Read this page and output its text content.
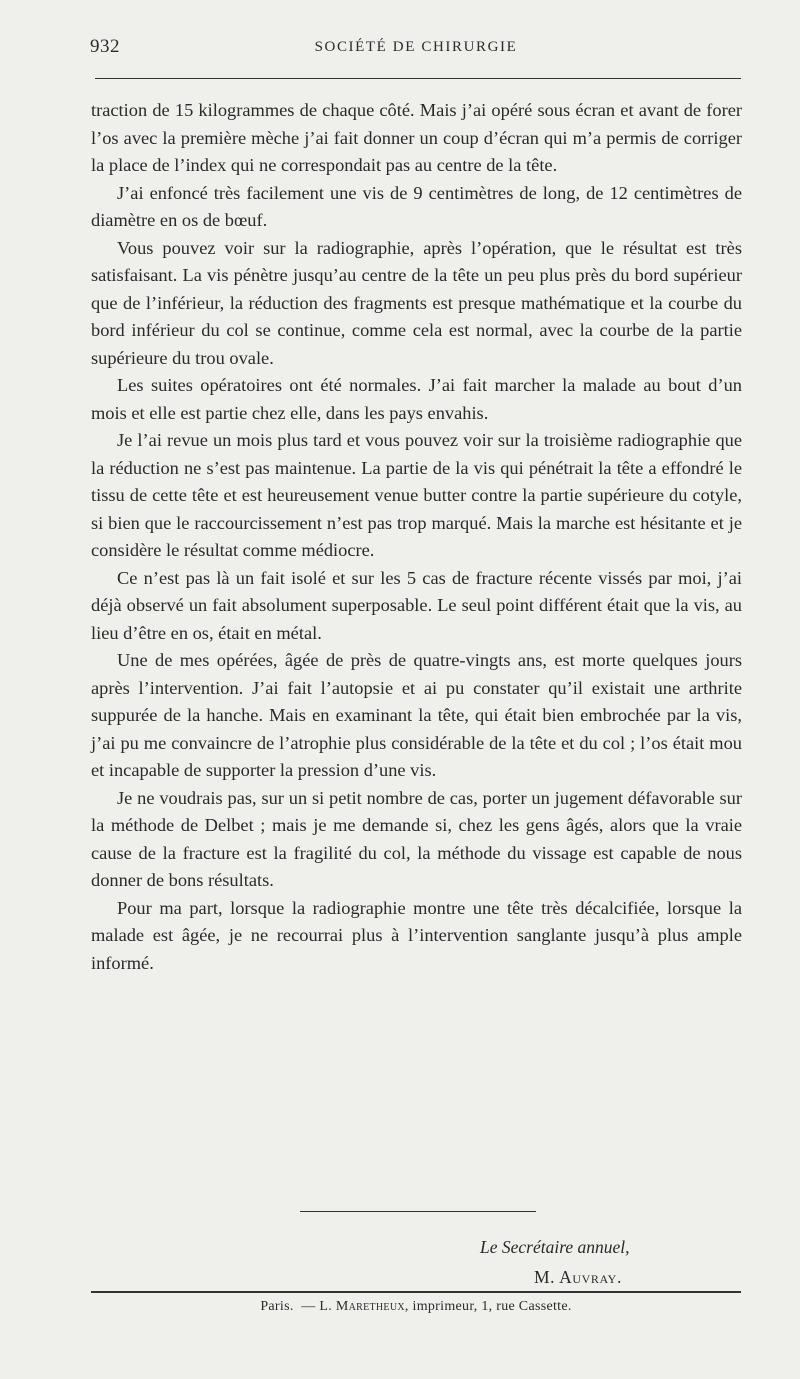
932	SOCIÉTÉ DE CHIRURGIE

traction de 15 kilogrammes de chaque côté. Mais j’ai opéré sous écran et avant de forer l’os avec la première mèche j’ai fait donner un coup d’écran qui m’a permis de corriger la place de l’index qui ne correspondait pas au centre de la tête.

J’ai enfoncé très facilement une vis de 9 centimètres de long, de 12 centimètres de diamètre en os de bœuf.

Vous pouvez voir sur la radiographie, après l’opération, que le résultat est très satisfaisant. La vis pénètre jusqu’au centre de la tête un peu plus près du bord supérieur que de l’inférieur, la réduction des fragments est presque mathématique et la courbe du bord inférieur du col se continue, comme cela est normal, avec la courbe de la partie supérieure du trou ovale.

Les suites opératoires ont été normales. J’ai fait marcher la malade au bout d’un mois et elle est partie chez elle, dans les pays envahis.

Je l’ai revue un mois plus tard et vous pouvez voir sur la troisième radiographie que la réduction ne s’est pas maintenue. La partie de la vis qui pénétrait la tête a effondré le tissu de cette tête et est heureusement venue butter contre la partie supérieure du cotyle, si bien que le raccourcissement n’est pas trop marqué. Mais la marche est hésitante et je considère le résultat comme médiocre.

Ce n’est pas là un fait isolé et sur les 5 cas de fracture récente vissés par moi, j’ai déjà observé un fait absolument superposable. Le seul point différent était que la vis, au lieu d’être en os, était en métal.

Une de mes opérées, âgée de près de quatre-vingts ans, est morte quelques jours après l’intervention. J’ai fait l’autopsie et ai pu constater qu’il existait une arthrite suppurée de la hanche. Mais en examinant la tête, qui était bien embrochée par la vis, j’ai pu me convaincre de l’atrophie plus considérable de la tête et du col ; l’os était mou et incapable de supporter la pression d’une vis.

Je ne voudrais pas, sur un si petit nombre de cas, porter un jugement défavorable sur la méthode de Delbet ; mais je me demande si, chez les gens âgés, alors que la vraie cause de la fracture est la fragilité du col, la méthode du vissage est capable de nous donner de bons résultats.

Pour ma part, lorsque la radiographie montre une tête très décalcifiée, lorsque la malade est âgée, je ne recourrai plus à l’intervention sanglante jusqu’à plus ample informé.

Le Secrétaire annuel,
M. Auvray.
Paris. — L. Maretheux, imprimeur, 1, rue Cassette.
